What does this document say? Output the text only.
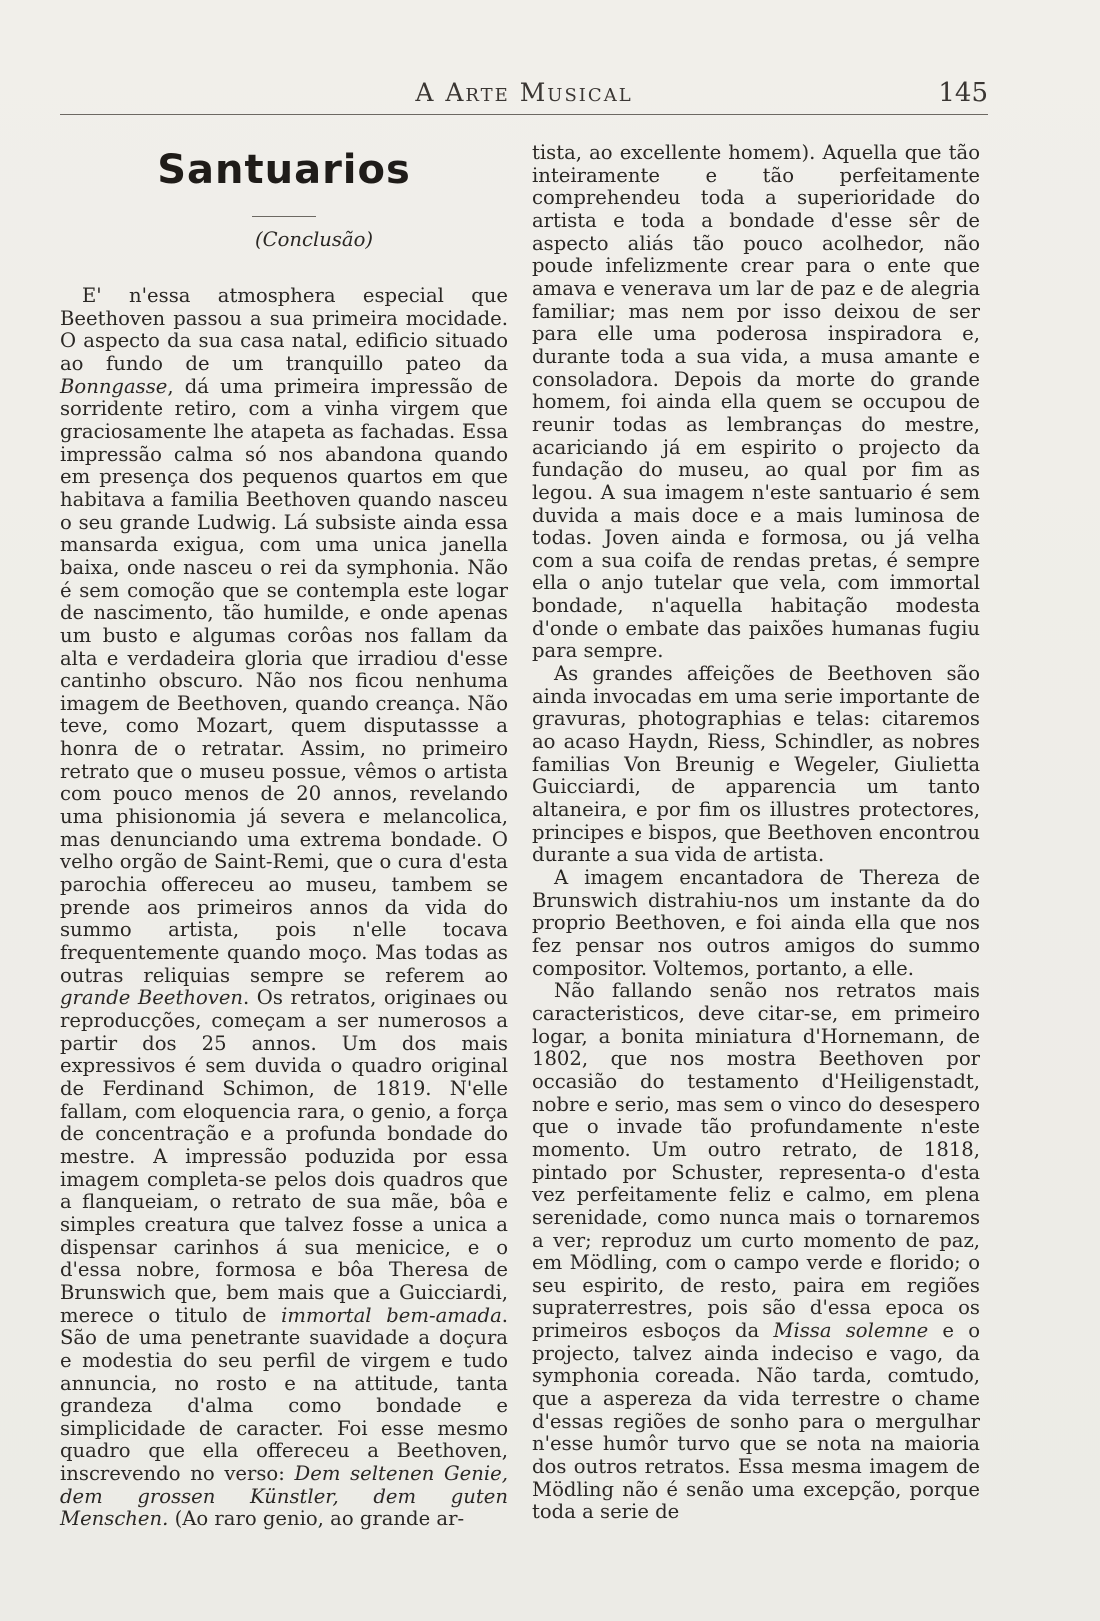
A Arte Musical	145
Santuarios
(Conclusão)

E' n'essa atmosphera especial que Beethoven passou a sua primeira mocidade. O aspecto da sua casa natal, edificio situado ao fundo de um tranquillo pateo da Bonngasse, dá uma primeira impressão de sorridente retiro, com a vinha virgem que graciosamente lhe atapeta as fachadas. Essa impressão calma só nos abandona quando em presença dos pequenos quartos em que habitava a familia Beethoven quando nasceu o seu grande Ludwig. Lá subsiste ainda essa mansarda exigua, com uma unica janella baixa, onde nasceu o rei da symphonia. Não é sem comoção que se contempla este logar de nascimento, tão humilde, e onde apenas um busto e algumas corôas nos fallam da alta e verdadeira gloria que irradiou d'esse cantinho obscuro. Não nos ficou nenhuma imagem de Beethoven, quando creança. Não teve, como Mozart, quem disputassse a honra de o retratar. Assim, no primeiro retrato que o museu possue, vêmos o artista com pouco menos de 20 annos, revelando uma phisionomia já severa e melancolica, mas denunciando uma extrema bondade. O velho orgão de Saint-Remi, que o cura d'esta parochia offereceu ao museu, tambem se prende aos primeiros annos da vida do summo artista, pois n'elle tocava frequentemente quando moço. Mas todas as outras reliquias sempre se referem ao grande Beethoven. Os retratos, originaes ou reproducções, começam a ser numerosos a partir dos 25 annos. Um dos mais expressivos é sem duvida o quadro original de Ferdinand Schimon, de 1819. N'elle fallam, com eloquencia rara, o genio, a força de concentração e a profunda bondade do mestre. A impressão poduzida por essa imagem completa-se pelos dois quadros que a flanqueiam, o retrato de sua mãe, bôa e simples creatura que talvez fosse a unica a dispensar carinhos á sua menicice, e o d'essa nobre, formosa e bôa Theresa de Brunswich que, bem mais que a Guicciardi, merece o titulo de immortal bem-amada. São de uma penetrante suavidade a doçura e modestia do seu perfil de virgem e tudo annuncia, no rosto e na attitude, tanta grandeza d'alma como bondade e simplicidade de caracter. Foi esse mesmo quadro que ella offereceu a Beethoven, inscrevendo no verso: Dem seltenen Genie, dem grossen Künstler, dem guten Menschen. (Ao raro genio, ao grande ar-

tista, ao excellente homem). Aquella que tão inteiramente e tão perfeitamente comprehendeu toda a superioridade do artista e toda a bondade d'esse sêr de aspecto aliás tão pouco acolhedor, não poude infelizmente crear para o ente que amava e venerava um lar de paz e de alegria familiar; mas nem por isso deixou de ser para elle uma poderosa inspiradora e, durante toda a sua vida, a musa amante e consoladora. Depois da morte do grande homem, foi ainda ella quem se occupou de reunir todas as lembranças do mestre, acariciando já em espirito o projecto da fundação do museu, ao qual por fim as legou. A sua imagem n'este santuario é sem duvida a mais doce e a mais luminosa de todas. Joven ainda e formosa, ou já velha com a sua coifa de rendas pretas, é sempre ella o anjo tutelar que vela, com immortal bondade, n'aquella habitação modesta d'onde o embate das paixões humanas fugiu para sempre.

As grandes affeições de Beethoven são ainda invocadas em uma serie importante de gravuras, photographias e telas: citaremos ao acaso Haydn, Riess, Schindler, as nobres familias Von Breunig e Wegeler, Giulietta Guicciardi, de apparencia um tanto altaneira, e por fim os illustres protectores, principes e bispos, que Beethoven encontrou durante a sua vida de artista.

A imagem encantadora de Thereza de Brunswich distrahiu-nos um instante da do proprio Beethoven, e foi ainda ella que nos fez pensar nos outros amigos do summo compositor. Voltemos, portanto, a elle.

Não fallando senão nos retratos mais caracteristicos, deve citar-se, em primeiro logar, a bonita miniatura d'Hornemann, de 1802, que nos mostra Beethoven por occasião do testamento d'Heiligenstadt, nobre e serio, mas sem o vinco do desespero que o invade tão profundamente n'este momento. Um outro retrato, de 1818, pintado por Schuster, representa-o d'esta vez perfeitamente feliz e calmo, em plena serenidade, como nunca mais o tornaremos a ver; reproduz um curto momento de paz, em Mödling, com o campo verde e florido; o seu espirito, de resto, paira em regiões supraterrestres, pois são d'essa epoca os primeiros esboços da Missa solemne e o projecto, talvez ainda indeciso e vago, da symphonia coreada. Não tarda, comtudo, que a aspereza da vida terrestre o chame d'essas regiões de sonho para o mergulhar n'esse humôr turvo que se nota na maioria dos outros retratos. Essa mesma imagem de Mödling não é senão uma excepção, porque toda a serie de
